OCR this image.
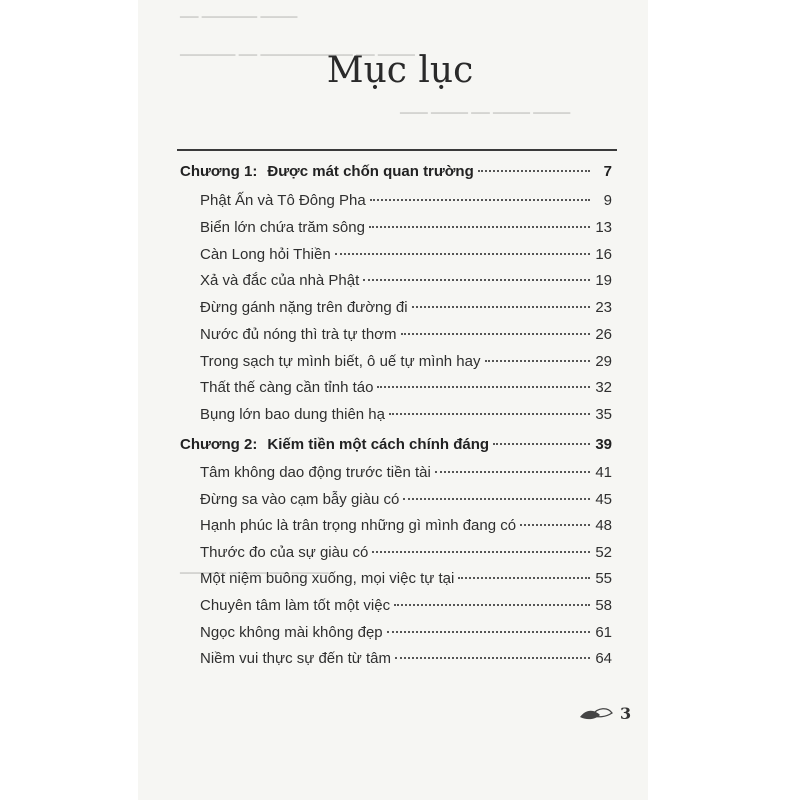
▁▁ ▁▁▁▁▁▁ ▁▁▁▁
▁▁▁▁▁▁ ▁▁ ▁▁▁▁▁▁▁▁▁▁ ▁▁ ▁▁▁▁
▁▁▁ ▁▁▁▁ ▁▁ ▁▁▁▁ ▁▁▁▁
▁▁▁▁▁ ▁▁▁▁ ▁▁ ▁▁▁▁
Mục lục
Chương 1: Được mát chốn quan trường	7
Phật Ấn và Tô Đông Pha	9
Biển lớn chứa trăm sông	13
Càn Long hỏi Thiền	16
Xả và đắc của nhà Phật	19
Đừng gánh nặng trên đường đi	23
Nước đủ nóng thì trà tự thơm	26
Trong sạch tự mình biết, ô uế tự mình hay	29
Thất thế càng cần tỉnh táo	32
Bụng lớn bao dung thiên hạ	35
Chương 2: Kiếm tiền một cách chính đáng	39
Tâm không dao động trước tiền tài	41
Đừng sa vào cạm bẫy giàu có	45
Hạnh phúc là trân trọng những gì mình đang có	48
Thước đo của sự giàu có	52
Một niệm buông xuống, mọi việc tự tại	55
Chuyên tâm làm tốt một việc	58
Ngọc không mài không đẹp	61
Niềm vui thực sự đến từ tâm	64
3
